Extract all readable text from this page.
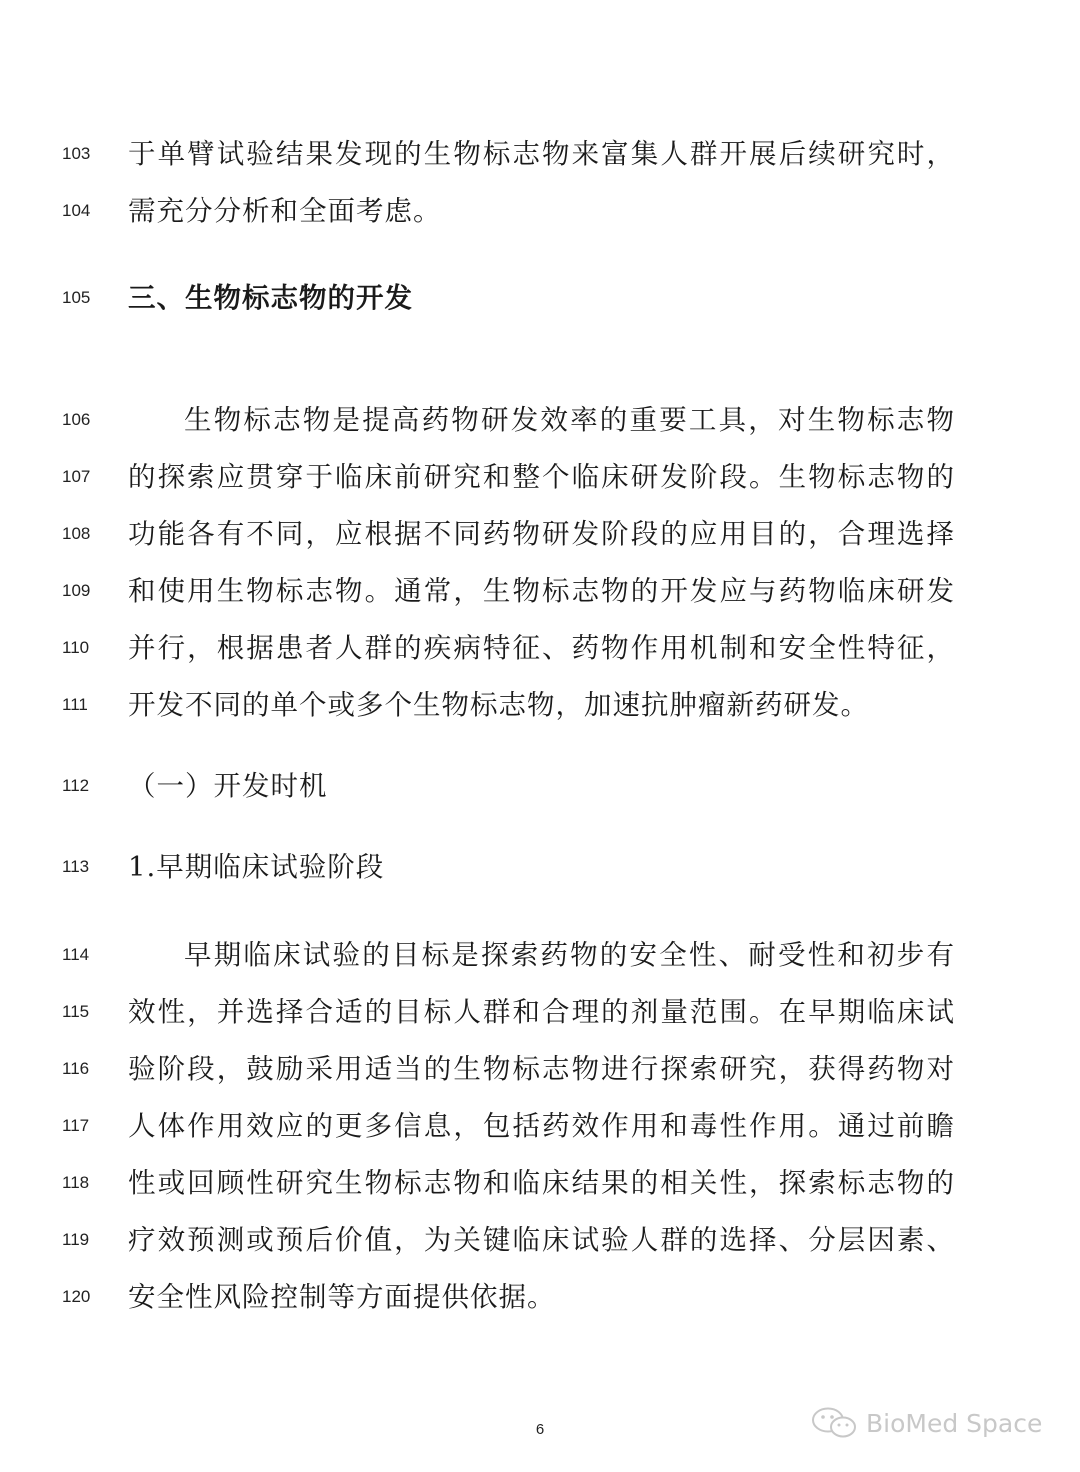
103	于单臂试验结果发现的生物标志物来富集人群开展后续研究时，
104	需充分分析和全面考虑。
105	三、生物标志物的开发
106	生物标志物是提高药物研发效率的重要工具，对生物标志物
107	的探索应贯穿于临床前研究和整个临床研发阶段。生物标志物的
108	功能各有不同，应根据不同药物研发阶段的应用目的，合理选择
109	和使用生物标志物。通常，生物标志物的开发应与药物临床研发
110	并行，根据患者人群的疾病特征、药物作用机制和安全性特征，
111	开发不同的单个或多个生物标志物，加速抗肿瘤新药研发。
112	（一）开发时机
113	1.早期临床试验阶段
114	早期临床试验的目标是探索药物的安全性、耐受性和初步有
115	效性，并选择合适的目标人群和合理的剂量范围。在早期临床试
116	验阶段，鼓励采用适当的生物标志物进行探索研究，获得药物对
117	人体作用效应的更多信息，包括药效作用和毒性作用。通过前瞻
118	性或回顾性研究生物标志物和临床结果的相关性，探索标志物的
119	疗效预测或预后价值，为关键临床试验人群的选择、分层因素、
120	安全性风险控制等方面提供依据。
6	BioMed Space
